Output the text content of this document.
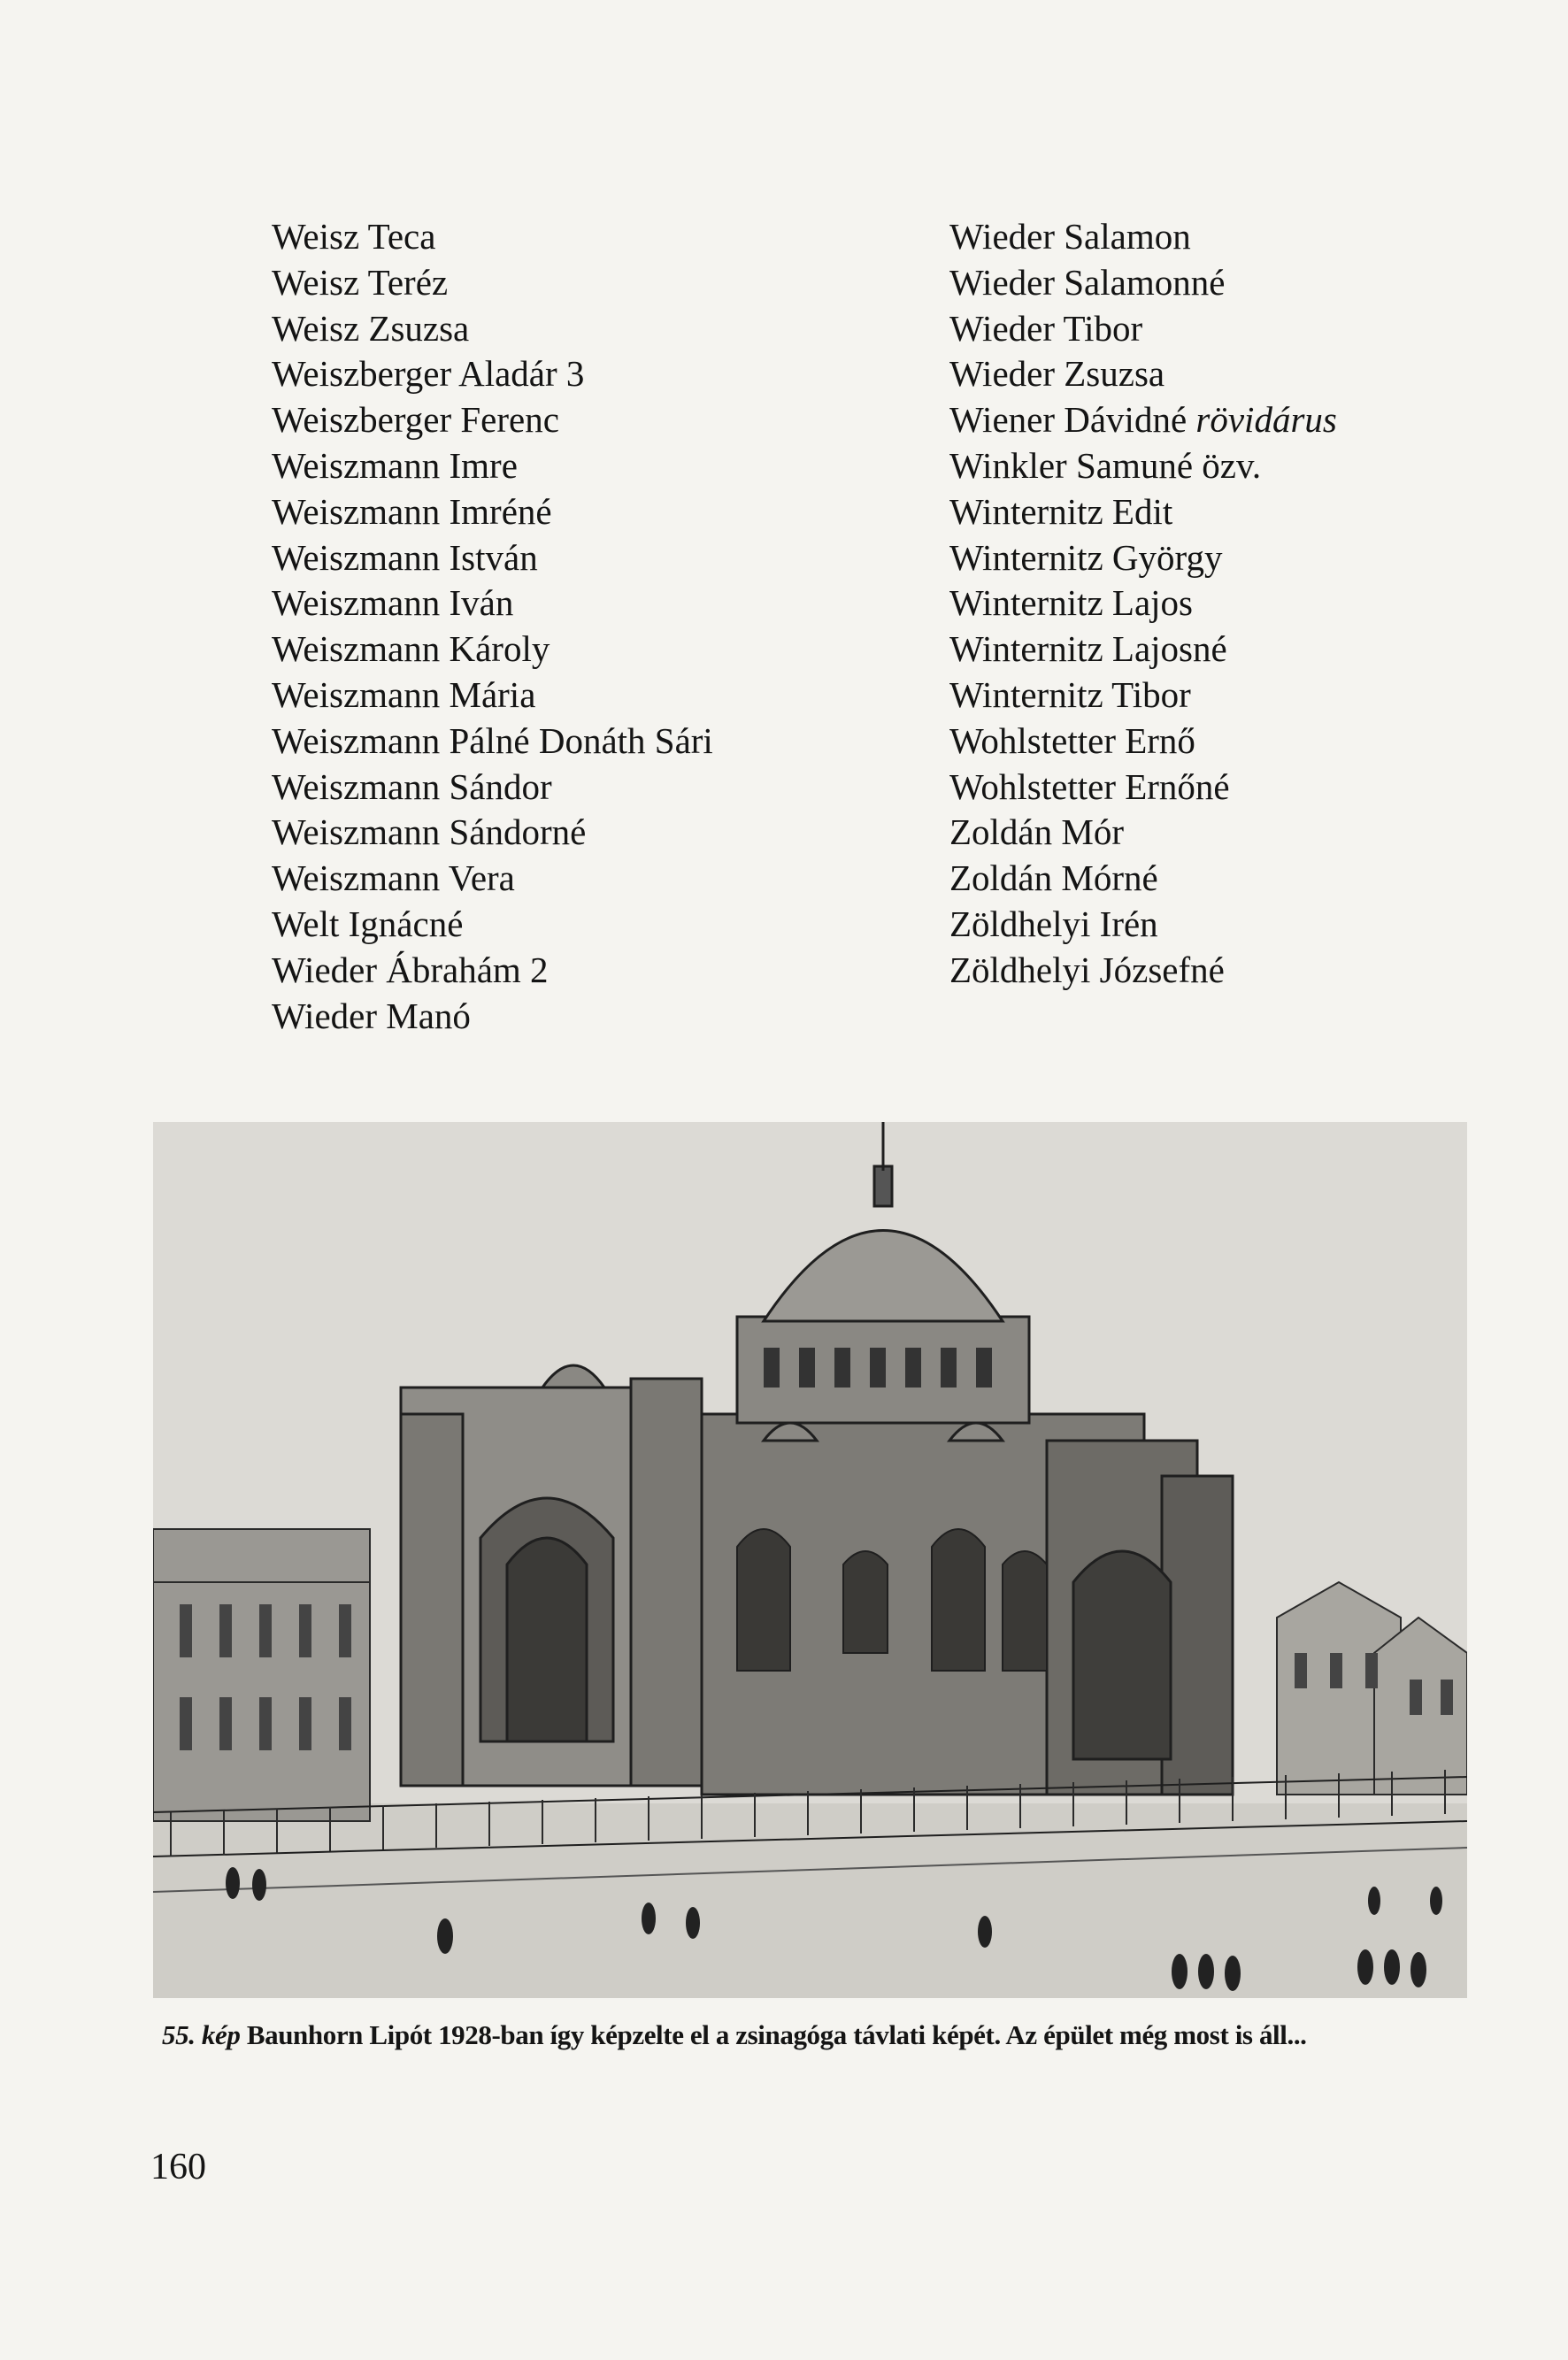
Weisz Teca
Weisz Teréz
Weisz Zsuzsa
Weiszberger Aladár 3
Weiszberger Ferenc
Weiszmann Imre
Weiszmann Imréné
Weiszmann István
Weiszmann Iván
Weiszmann Károly
Weiszmann Mária
Weiszmann Pálné Donáth Sári
Weiszmann Sándor
Weiszmann Sándorné
Weiszmann Vera
Welt Ignácné
Wieder Ábrahám 2
Wieder Manó
Wieder Salamon
Wieder Salamonné
Wieder Tibor
Wieder Zsuzsa
Wiener Dávidné rövidárus
Winkler Samuné özv.
Winternitz Edit
Winternitz György
Winternitz Lajos
Winternitz Lajosné
Winternitz Tibor
Wohlstetter Ernő
Wohlstetter Ernőné
Zoldán Mór
Zoldán Mórné
Zöldhelyi Irén
Zöldhelyi Józsefné
55. kép Baunhorn Lipót 1928-ban így képzelte el a zsinagóga távlati képét. Az épület még most is áll...
160
